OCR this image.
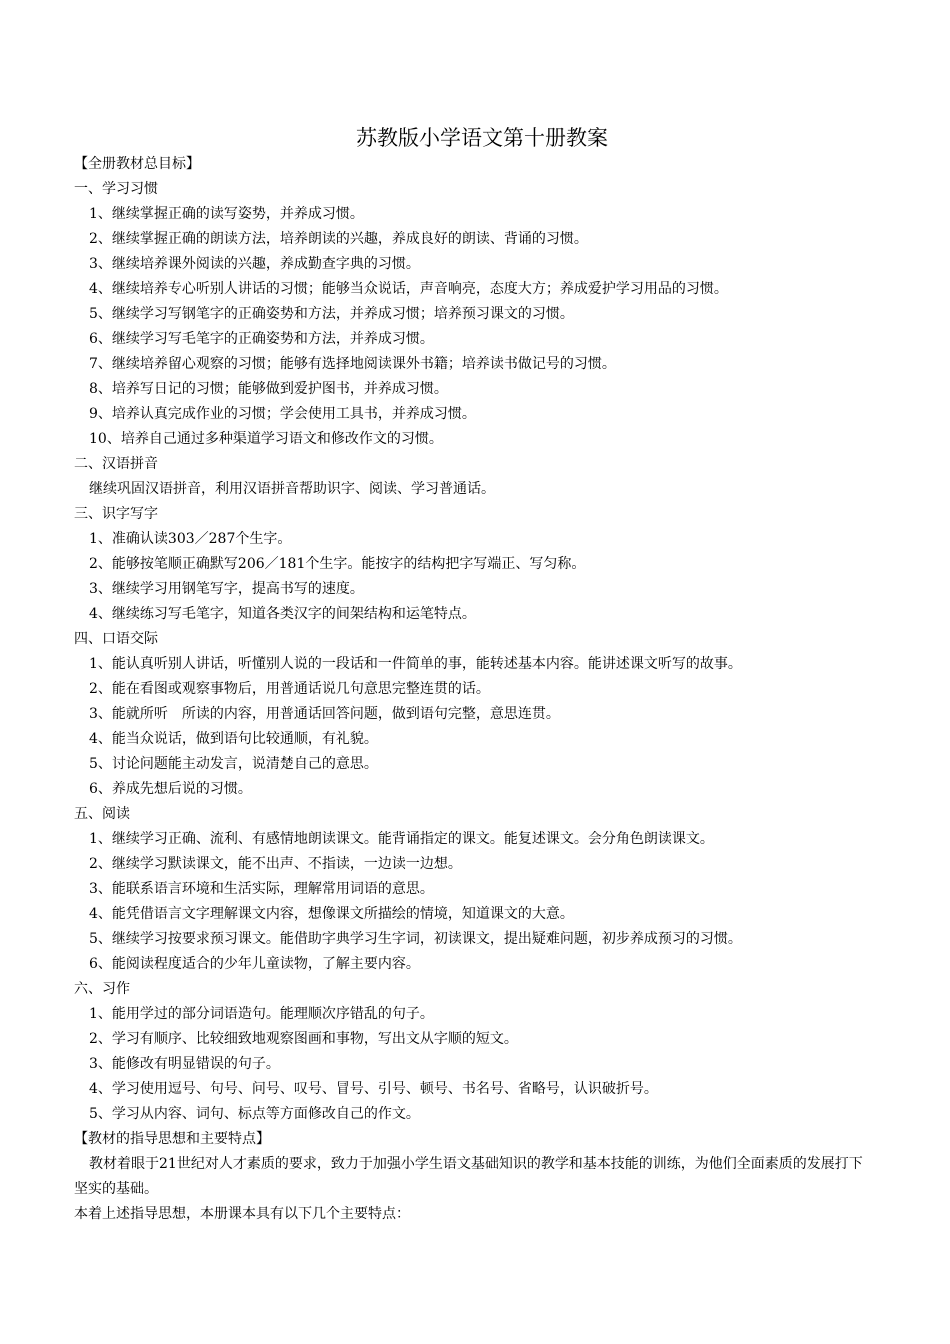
苏教版小学语文第十册教案
【全册教材总目标】
一、学习习惯
1、继续掌握正确的读写姿势，并养成习惯。
2、继续掌握正确的朗读方法，培养朗读的兴趣，养成良好的朗读、背诵的习惯。
3、继续培养课外阅读的兴趣，养成勤查字典的习惯。
4、继续培养专心听别人讲话的习惯；能够当众说话，声音响亮，态度大方；养成爱护学习用品的习惯。
5、继续学习写钢笔字的正确姿势和方法，并养成习惯；培养预习课文的习惯。
6、继续学习写毛笔字的正确姿势和方法，并养成习惯。
7、继续培养留心观察的习惯；能够有选择地阅读课外书籍；培养读书做记号的习惯。
8、培养写日记的习惯；能够做到爱护图书，并养成习惯。
9、培养认真完成作业的习惯；学会使用工具书，并养成习惯。
10、培养自己通过多种渠道学习语文和修改作文的习惯。
二、汉语拼音
继续巩固汉语拼音，利用汉语拼音帮助识字、阅读、学习普通话。
三、识字写字
1、准确认读303／287个生字。
2、能够按笔顺正确默写206／181个生字。能按字的结构把字写端正、写匀称。
3、继续学习用钢笔写字，提高书写的速度。
4、继续练习写毛笔字，知道各类汉字的间架结构和运笔特点。
四、口语交际
1、能认真听别人讲话，听懂别人说的一段话和一件简单的事，能转述基本内容。能讲述课文听写的故事。
2、能在看图或观察事物后，用普通话说几句意思完整连贯的话。
3、能就所听　所读的内容，用普通话回答问题，做到语句完整，意思连贯。
4、能当众说话，做到语句比较通顺，有礼貌。
5、讨论问题能主动发言，说清楚自己的意思。
6、养成先想后说的习惯。
五、阅读
1、继续学习正确、流利、有感情地朗读课文。能背诵指定的课文。能复述课文。会分角色朗读课文。
2、继续学习默读课文，能不出声、不指读，一边读一边想。
3、能联系语言环境和生活实际，理解常用词语的意思。
4、能凭借语言文字理解课文内容，想像课文所描绘的情境，知道课文的大意。
5、继续学习按要求预习课文。能借助字典学习生字词，初读课文，提出疑难问题，初步养成预习的习惯。
6、能阅读程度适合的少年儿童读物，了解主要内容。
六、习作
1、能用学过的部分词语造句。能理顺次序错乱的句子。
2、学习有顺序、比较细致地观察图画和事物，写出文从字顺的短文。
3、能修改有明显错误的句子。
4、学习使用逗号、句号、问号、叹号、冒号、引号、顿号、书名号、省略号，认识破折号。
5、学习从内容、词句、标点等方面修改自己的作文。
【教材的指导思想和主要特点】

教材着眼于21世纪对人才素质的要求，致力于加强小学生语文基础知识的教学和基本技能的训练，为他们全面素质的发展打下坚实的基础。

本着上述指导思想，本册课本具有以下几个主要特点：
